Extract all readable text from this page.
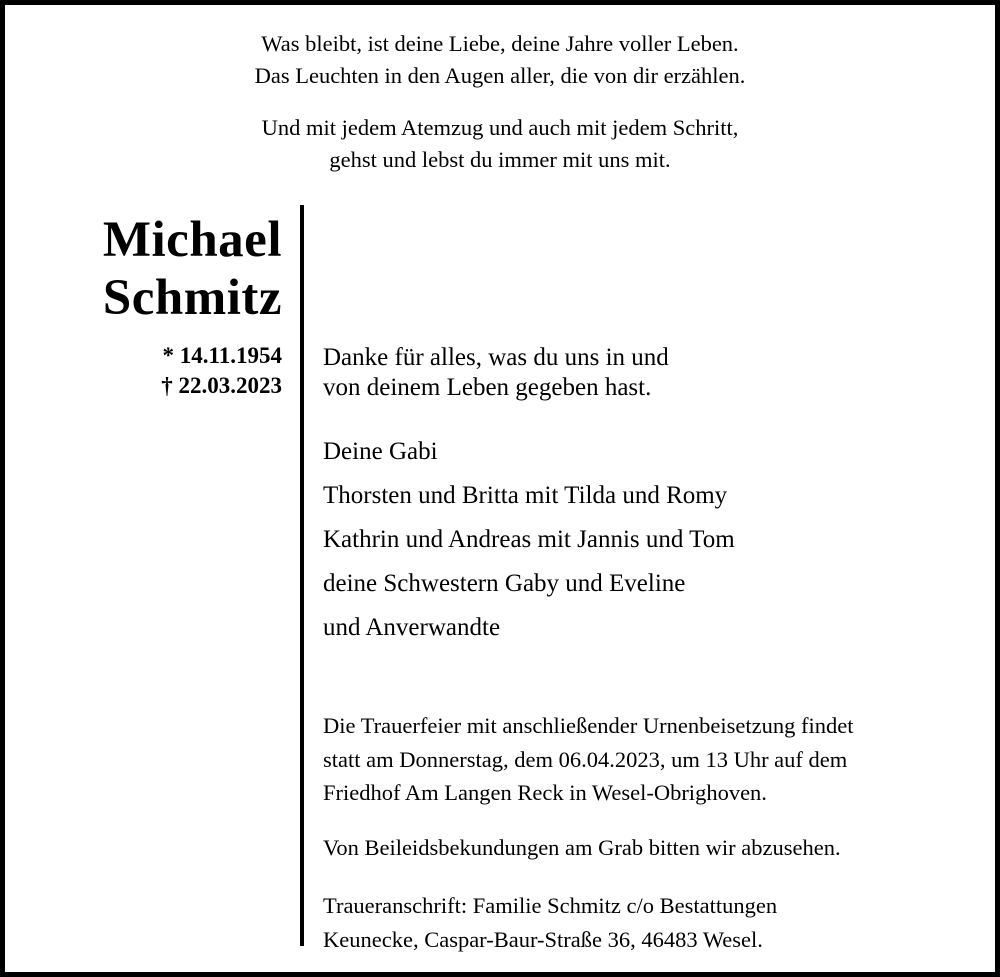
Was bleibt, ist deine Liebe, deine Jahre voller Leben.
Das Leuchten in den Augen aller, die von dir erzählen.
Und mit jedem Atemzug und auch mit jedem Schritt,
gehst und lebst du immer mit uns mit.
Michael
Schmitz
* 14.11.1954
† 22.03.2023
Danke für alles, was du uns in und
von deinem Leben gegeben hast.
Deine Gabi
Thorsten und Britta mit Tilda und Romy
Kathrin und Andreas mit Jannis und Tom
deine Schwestern Gaby und Eveline
und Anverwandte
Die Trauerfeier mit anschließender Urnenbeisetzung findet
statt am Donnerstag, dem 06.04.2023, um 13 Uhr auf dem
Friedhof Am Langen Reck in Wesel-Obrighoven.
Von Beileidsbekundungen am Grab bitten wir abzusehen.
Traueranschrift: Familie Schmitz c/o Bestattungen
Keunecke, Caspar-Baur-Straße 36, 46483 Wesel.
